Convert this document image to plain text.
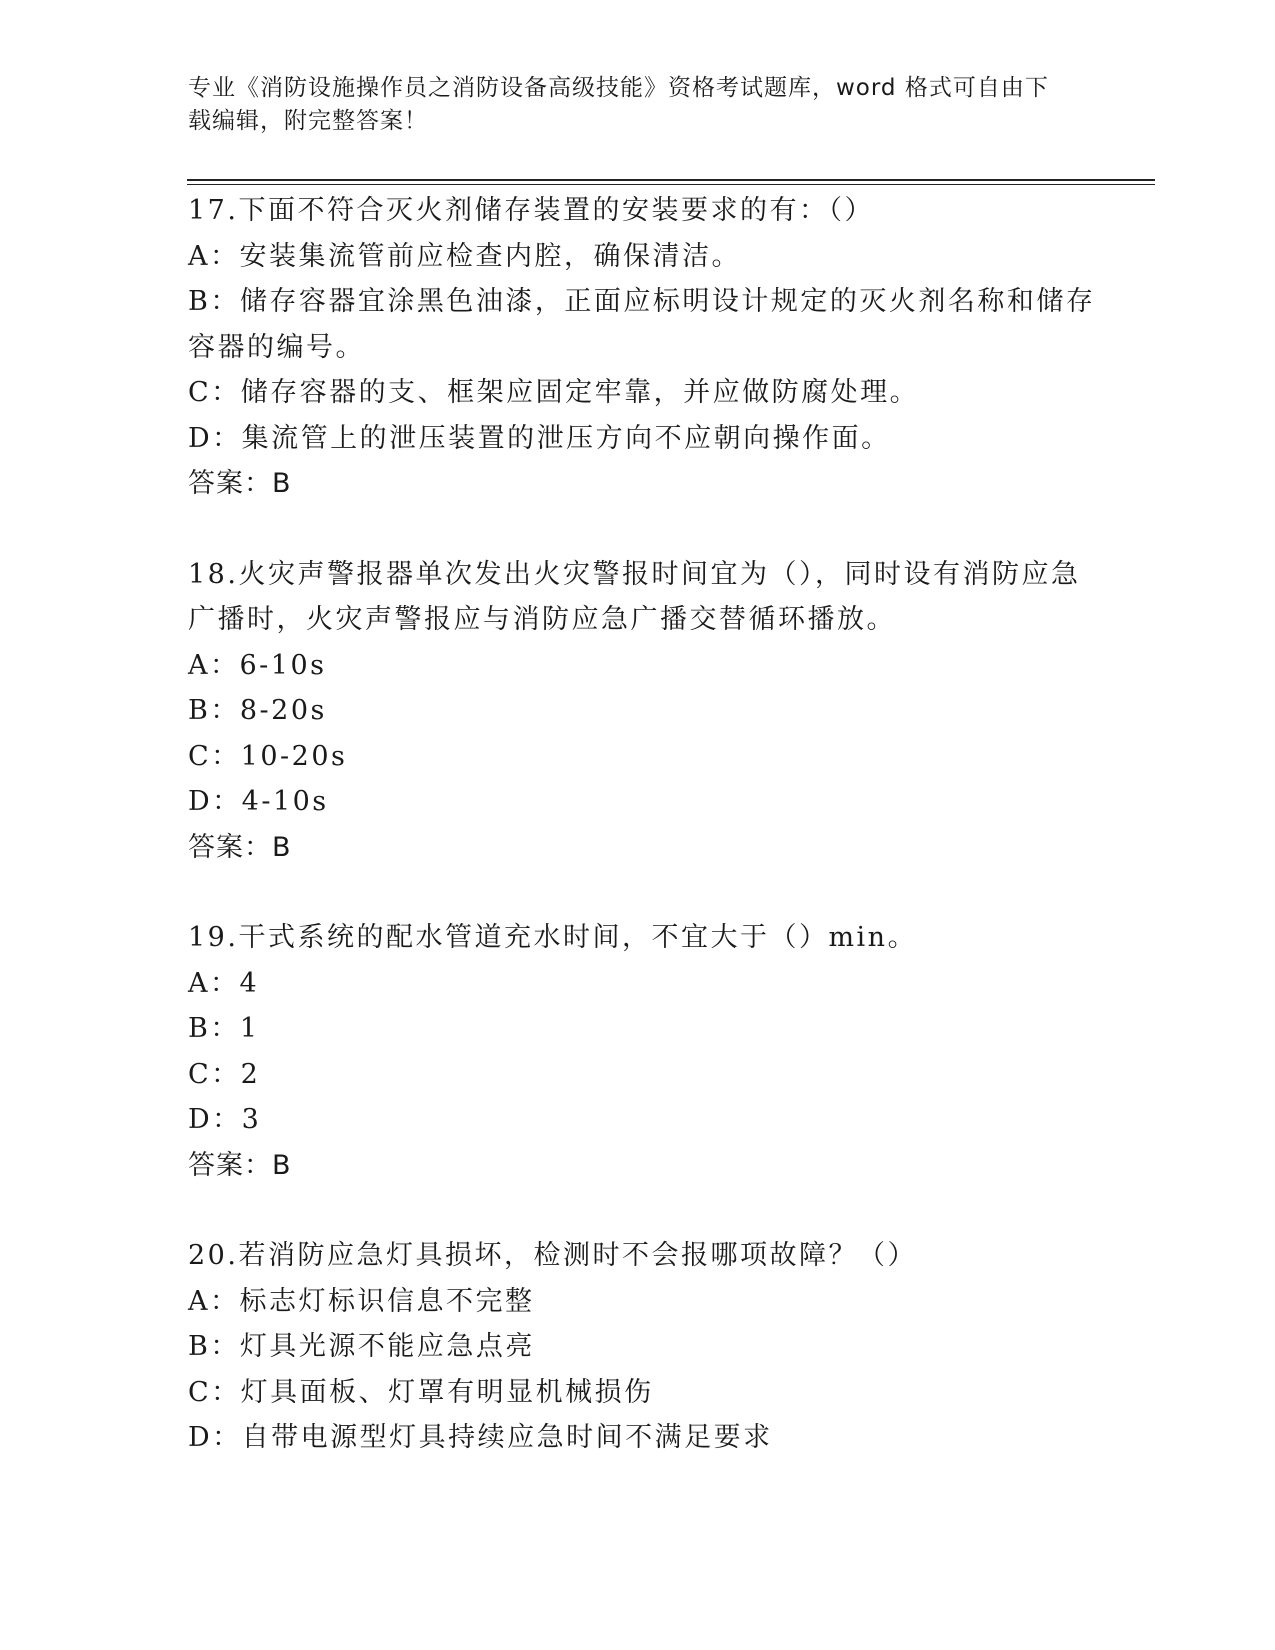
专业《消防设施操作员之消防设备高级技能》资格考试题库，word 格式可自由下载编辑，附完整答案！
17.下面不符合灭火剂储存装置的安装要求的有：（）
A：安装集流管前应检查内腔，确保清洁。
B：储存容器宜涂黑色油漆，正面应标明设计规定的灭火剂名称和储存
容器的编号。
C：储存容器的支、框架应固定牢靠，并应做防腐处理。
D：集流管上的泄压装置的泄压方向不应朝向操作面。
答案：B
18.火灾声警报器单次发出火灾警报时间宜为（），同时设有消防应急
广播时，火灾声警报应与消防应急广播交替循环播放。
A：6-10s
B：8-20s
C：10-20s
D：4-10s
答案：B
19.干式系统的配水管道充水时间，不宜大于（）min。
A：4
B：1
C：2
D：3
答案：B
20.若消防应急灯具损坏，检测时不会报哪项故障？（）
A：标志灯标识信息不完整
B：灯具光源不能应急点亮
C：灯具面板、灯罩有明显机械损伤
D：自带电源型灯具持续应急时间不满足要求
